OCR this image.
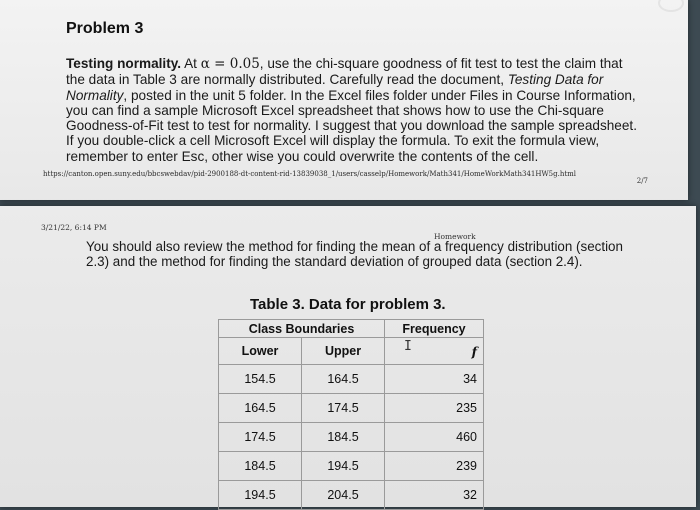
Problem 3
Testing normality. At α = 0.05, use the chi-square goodness of fit test to test the claim that the data in Table 3 are normally distributed. Carefully read the document, Testing Data for Normality, posted in the unit 5 folder. In the Excel files folder under Files in Course Information, you can find a sample Microsoft Excel spreadsheet that shows how to use the Chi-square Goodness-of-Fit test to test for normality. I suggest that you download the sample spreadsheet. If you double-click a cell Microsoft Excel will display the formula. To exit the formula view, remember to enter Esc, other wise you could overwrite the contents of the cell.
https://canton.open.suny.edu/bbcswebdav/pid-2900188-dt-content-rid-13839038_1/users/casselp/Homework/Math341/HomeWorkMath341HW5g.html
2/7
3/21/22, 6:14 PM
Homework
You should also review the method for finding the mean of a frequency distribution (section 2.3) and the method for finding the standard deviation of grouped data (section 2.4).
Table 3. Data for problem 3.
Class Boundaries		Frequency
Lower	Upper	f
154.5	164.5	34
164.5	174.5	235
174.5	184.5	460
184.5	194.5	239
194.5	204.5	32
I
